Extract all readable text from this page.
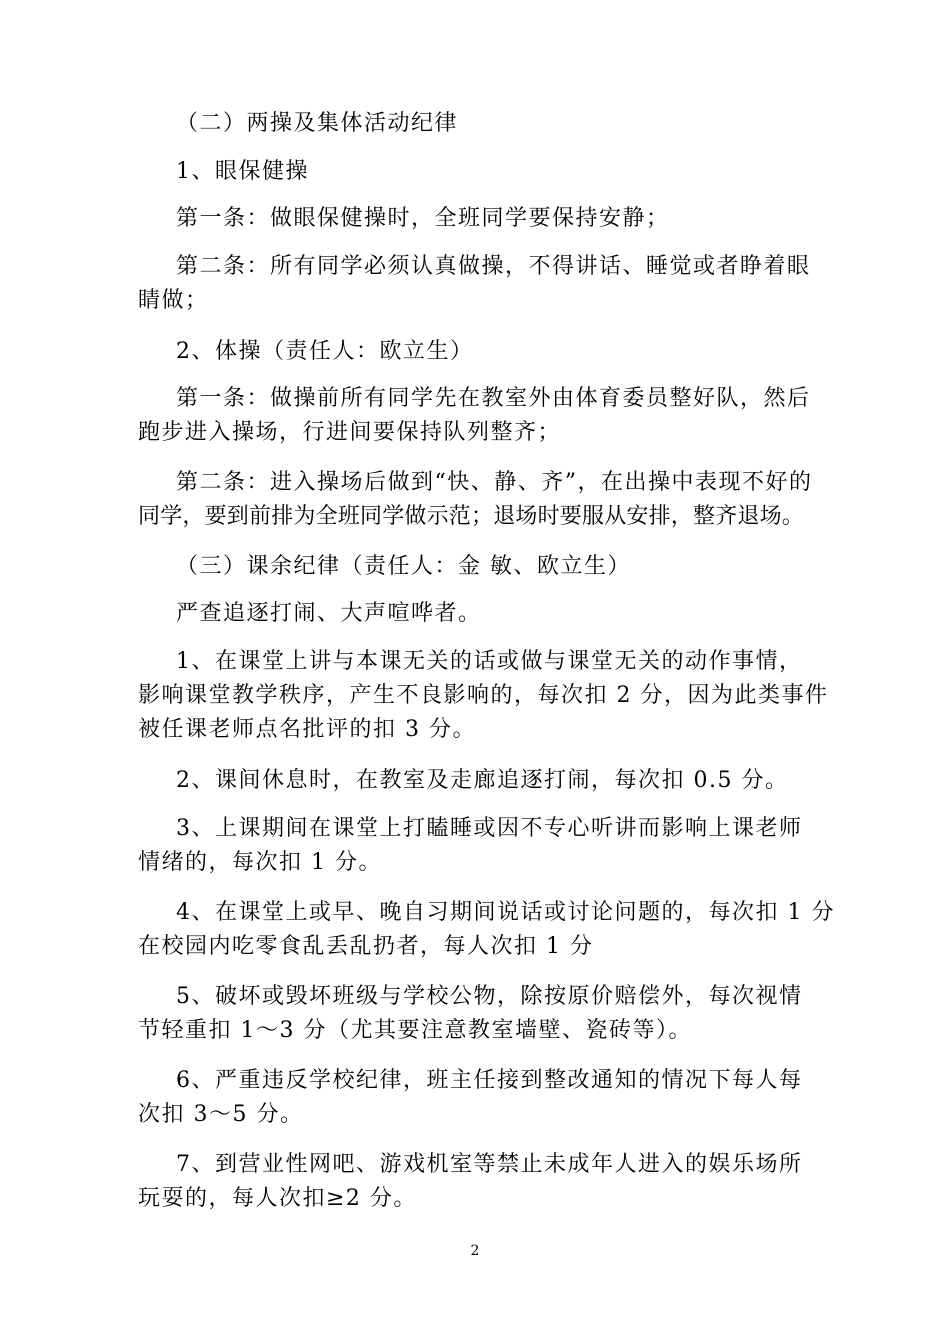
（二）两操及集体活动纪律

1、眼保健操

第一条：做眼保健操时，全班同学要保持安静；

第二条：所有同学必须认真做操，不得讲话、睡觉或者睁着眼
睛做；

2、体操（责任人：欧立生）

第一条：做操前所有同学先在教室外由体育委员整好队，然后
跑步进入操场，行进间要保持队列整齐；

第二条：进入操场后做到“快、静、齐”，在出操中表现不好的
同学，要到前排为全班同学做示范；退场时要服从安排，整齐退场。

（三）课余纪律（责任人：金 敏、欧立生）

严查追逐打闹、大声喧哗者。

1、在课堂上讲与本课无关的话或做与课堂无关的动作事情，
影响课堂教学秩序，产生不良影响的，每次扣 2 分，因为此类事件
被任课老师点名批评的扣 3 分。

2、课间休息时，在教室及走廊追逐打闹，每次扣 0.5 分。

3、上课期间在课堂上打瞌睡或因不专心听讲而影响上课老师
情绪的，每次扣 1 分。

4、在课堂上或早、晚自习期间说话或讨论问题的，每次扣 1 分
在校园内吃零食乱丢乱扔者，每人次扣 1 分

5、破坏或毁坏班级与学校公物，除按原价赔偿外，每次视情
节轻重扣 1～3 分（尤其要注意教室墙壁、瓷砖等）。

6、严重违反学校纪律，班主任接到整改通知的情况下每人每
次扣 3～5 分。

7、到营业性网吧、游戏机室等禁止未成年人进入的娱乐场所
玩耍的，每人次扣≥2 分。

2
